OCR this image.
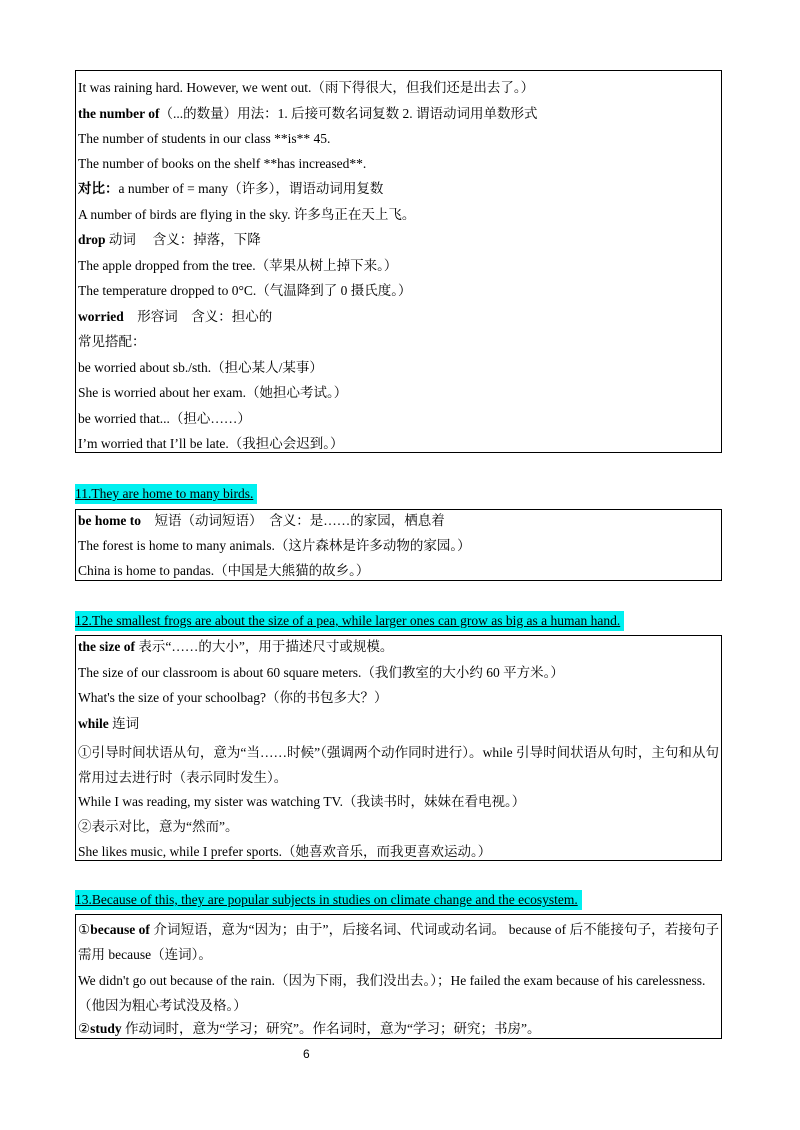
It was raining hard. However, we went out.（雨下得很大，但我们还是出去了。）
the number of（...的数量）用法：1. 后接可数名词复数 2. 谓语动词用单数形式
The number of students in our class **is** 45.
The number of books on the shelf **has increased**.
对比：a number of = many（许多），谓语动词用复数
A number of birds are flying in the sky. 许多鸟正在天上飞。
drop 动词　 含义：掉落，下降
The apple dropped from the tree.（苹果从树上掉下来。）
The temperature dropped to 0°C.（气温降到了 0 摄氏度。）
worried　形容词　含义：担心的
常见搭配：
be worried about sb./sth.（担心某人/某事）
She is worried about her exam.（她担心考试。）
be worried that...（担心……）
I’m worried that I’ll be late.（我担心会迟到。）
11.They are home to many birds.
be home to　短语（动词短语）　含义：是……的家园，栖息着
The forest is home to many animals.（这片森林是许多动物的家园。）
China is home to pandas.（中国是大熊猫的故乡。）
12.The smallest frogs are about the size of a pea, while larger ones can grow as big as a human hand.
the size of 表示“……的大小”，用于描述尺寸或规模。
The size of our classroom is about 60 square meters.（我们教室的大小约 60 平方米。）
What's the size of your schoolbag?（你的书包多大？）
while 连词
①引导时间状语从句，意为“当……时候”（强调两个动作同时进行）。while 引导时间状语从句时，主句和从句常用过去进行时（表示同时发生）。
While I was reading, my sister was watching TV.（我读书时，妹妹在看电视。）
②表示对比，意为“然而”。
She likes music, while I prefer sports.（她喜欢音乐，而我更喜欢运动。）
13.Because of this, they are popular subjects in studies on climate change and the ecosystem.
①because of 介词短语，意为“因为；由于”，后接名词、代词或动名词。 because of 后不能接句子，若接句子需用 because（连词）。
We didn't go out because of the rain.（因为下雨，我们没出去。）；He failed the exam because of his carelessness.（他因为粗心考试没及格。）
②study 作动词时，意为“学习；研究”。作名词时，意为“学习；研究；书房”。
6
